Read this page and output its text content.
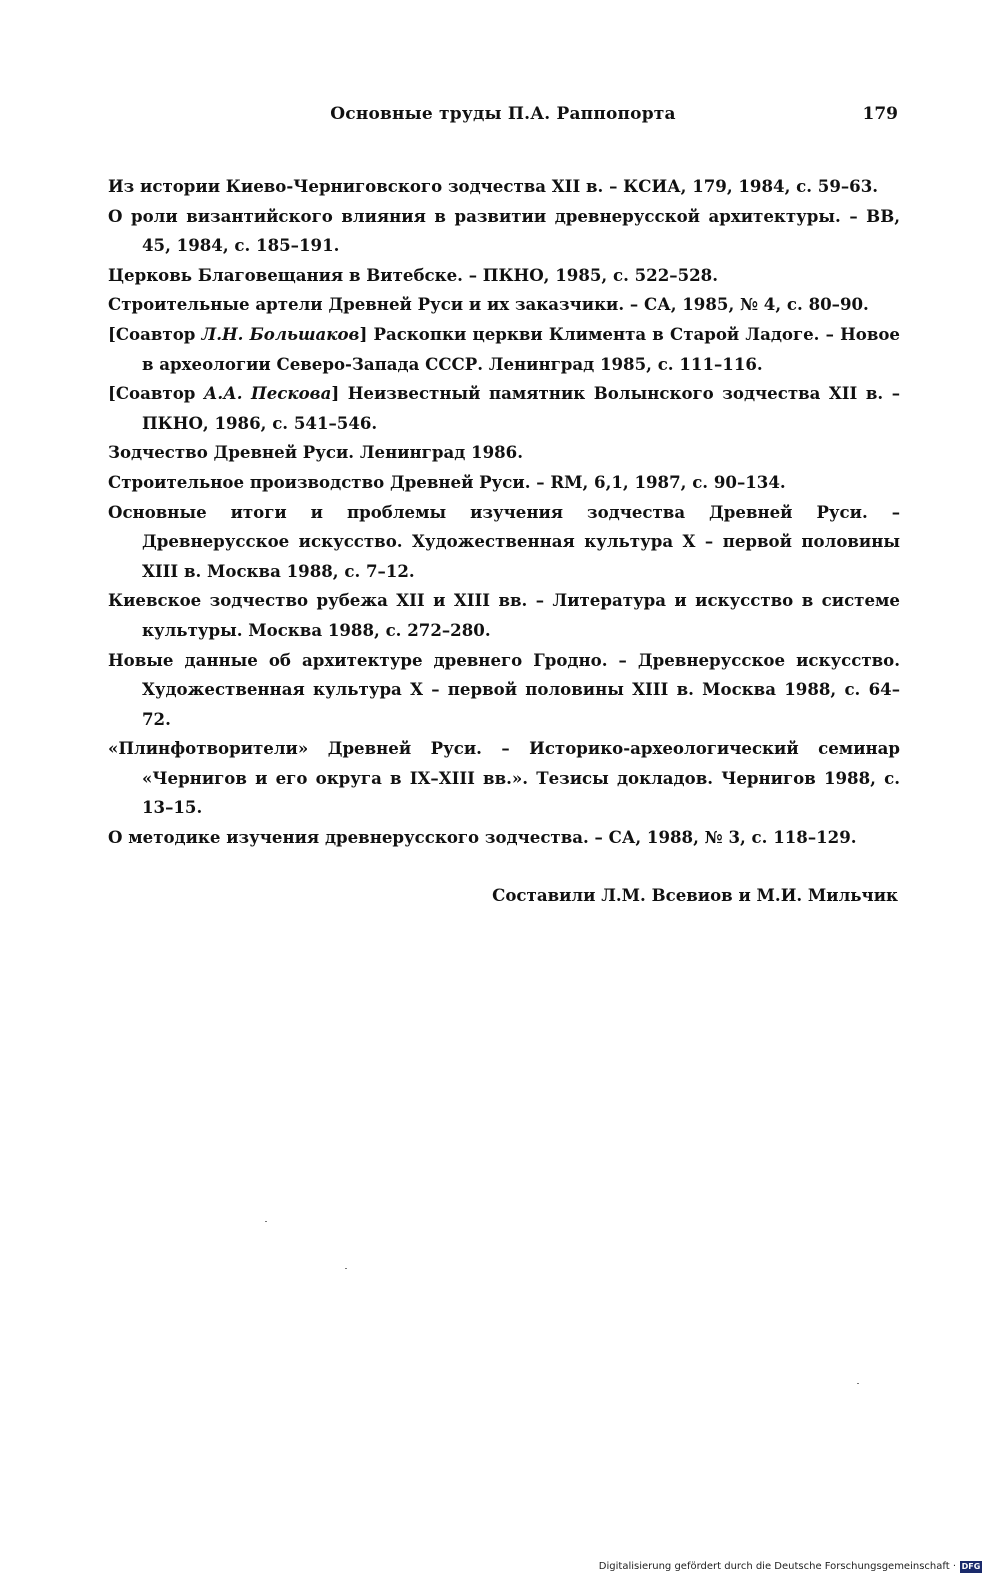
Основные труды П.А. Раппопорта	179
Из истории Киево-Черниговского зодчества XII в. – КСИА, 179, 1984, с. 59–63.
О роли византийского влияния в развитии древнерусской архитектуры. – ВВ, 45, 1984, с. 185–191.
Церковь Благовещания в Витебске. – ПКНО, 1985, с. 522–528.
Строительные артели Древней Руси и их заказчики. – СА, 1985, № 4, с. 80–90.
[Соавтор Л.Н. Большаков] Раскопки церкви Климента в Старой Ладоге. – Новое в археологии Северо-Запада СССР. Ленинград 1985, с. 111–116.
[Соавтор А.А. Пескова] Неизвестный памятник Волынского зодчества XII в. – ПКНО, 1986, с. 541–546.
Зодчество Древней Руси. Ленинград 1986.
Строительное производство Древней Руси. – RM, 6,1, 1987, с. 90–134.
Основные итоги и проблемы изучения зодчества Древней Руси. – Древнерусское искусство. Художественная культура X – первой половины XIII в. Москва 1988, с. 7–12.
Киевское зодчество рубежа XII и XIII вв. – Литература и искусство в системе культуры. Москва 1988, с. 272–280.
Новые данные об архитектуре древнего Гродно. – Древнерусское искусство. Художественная культура X – первой половины XIII в. Москва 1988, с. 64–72.
«Плинфотворители» Древней Руси. – Историко-археологический семинар «Чернигов и его округа в IX–XIII вв.». Тезисы докладов. Чернигов 1988, с. 13–15.
О методике изучения древнерусского зодчества. – СА, 1988, № 3, с. 118–129.
Составили Л.М. Всевиов и М.И. Мильчик
Digitalisierung gefördert durch die Deutsche Forschungsgemeinschaft · DFG
